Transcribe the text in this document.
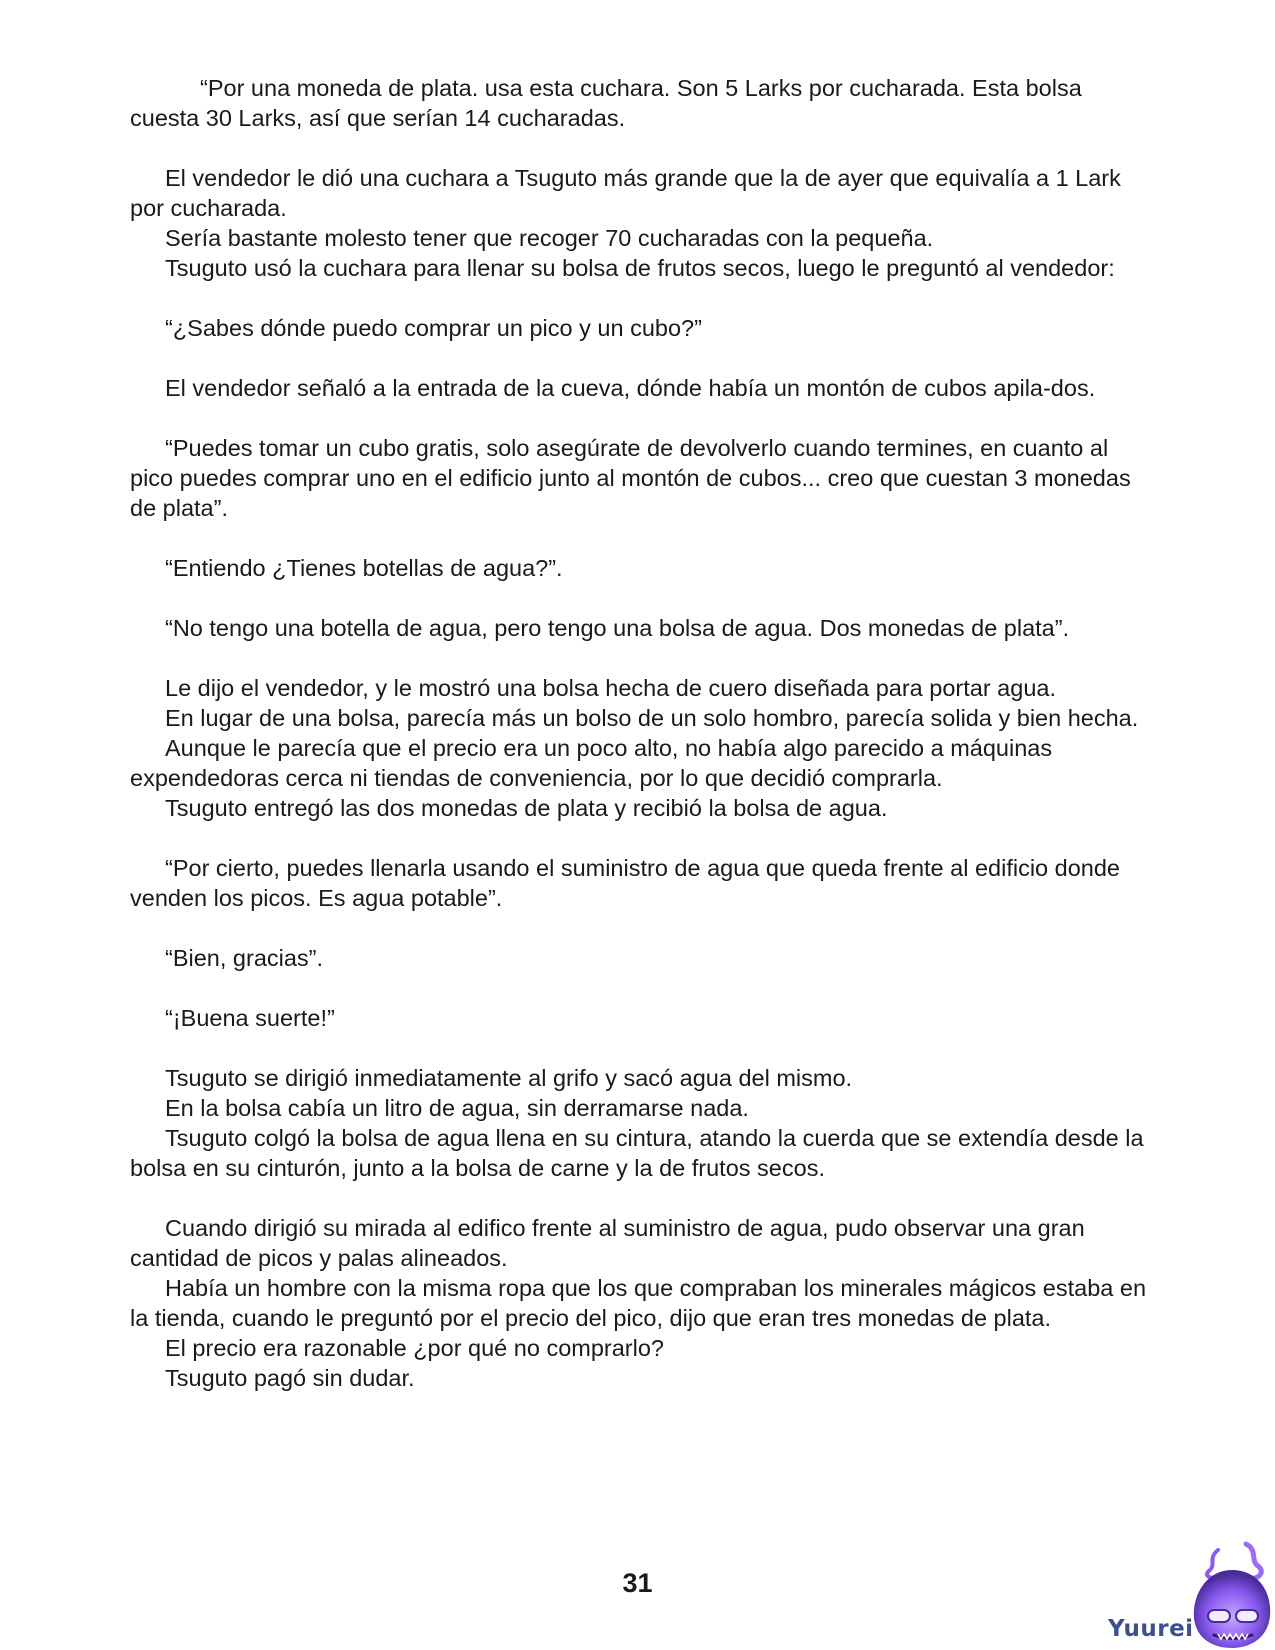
“Por una moneda de plata. usa esta cuchara. Son 5 Larks por cucharada. Esta bolsa cuesta 30 Larks, así que serían 14 cucharadas.

El vendedor le dió una cuchara a Tsuguto más grande que la de ayer que equivalía a 1 Lark por cucharada.

Sería bastante molesto tener que recoger 70 cucharadas con la pequeña.

Tsuguto usó la cuchara para llenar su bolsa de frutos secos, luego le preguntó al vendedor:

“¿Sabes dónde puedo comprar un pico y un cubo?”

El vendedor señaló a la entrada de la cueva, dónde había un montón de cubos apila-dos.

“Puedes tomar un cubo gratis, solo asegúrate de devolverlo cuando termines, en cuanto al pico puedes comprar uno en el edificio junto al montón de cubos... creo que cuestan 3 monedas de plata”.

“Entiendo ¿Tienes botellas de agua?”.

“No tengo una botella de agua, pero tengo una bolsa de agua. Dos monedas de plata”.

Le dijo el vendedor, y le mostró una bolsa hecha de cuero diseñada para portar agua.

En lugar de una bolsa, parecía más un bolso de un solo hombro, parecía solida y bien hecha.

Aunque le parecía que el precio era un poco alto, no había algo parecido a máquinas expendedoras cerca ni tiendas de conveniencia, por lo que decidió comprarla.

Tsuguto entregó las dos monedas de plata y recibió la bolsa de agua.

“Por cierto, puedes llenarla usando el suministro de agua que queda frente al edificio donde venden los picos. Es agua potable”.

“Bien, gracias”.

“¡Buena suerte!”

Tsuguto se dirigió inmediatamente al grifo y sacó agua del mismo.

En la bolsa cabía un litro de agua, sin derramarse nada.

Tsuguto colgó la bolsa de agua llena en su cintura, atando la cuerda que se extendía desde la bolsa en su cinturón, junto a la bolsa de carne y la de frutos secos.

Cuando dirigió su mirada al edifico frente al suministro de agua, pudo observar una gran cantidad de picos y palas alineados.

Había un hombre con la misma ropa que los que compraban los minerales mágicos estaba en la tienda, cuando le preguntó por el precio del pico, dijo que eran tres monedas de plata.

El precio era razonable ¿por qué no comprarlo?

Tsuguto pagó sin dudar.

31
Yuurei
